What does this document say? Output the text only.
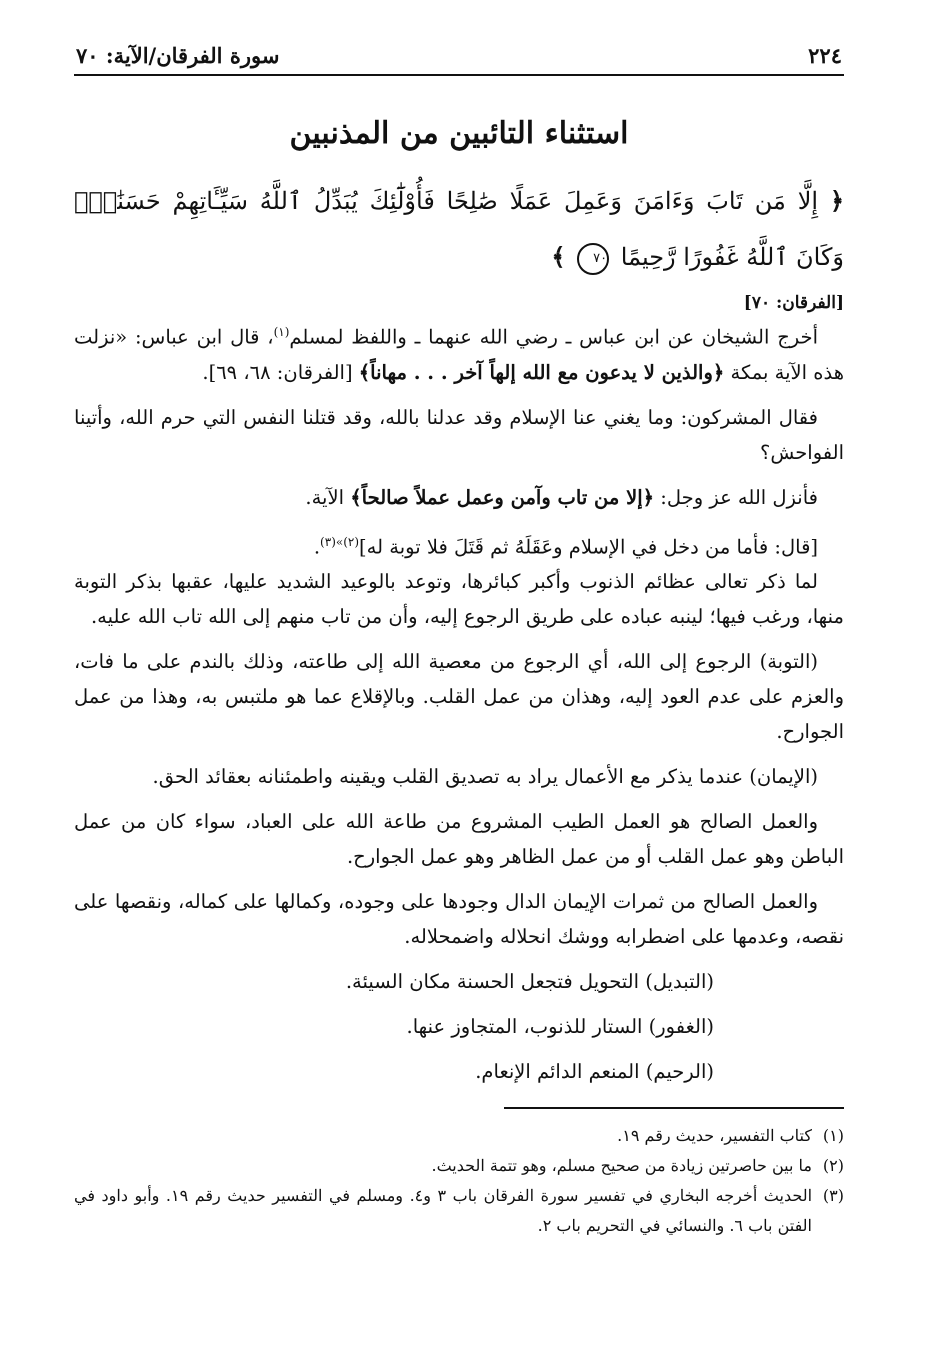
٢٢٤
سورة الفرقان/الآية: ٧٠
استثناء التائبين من المذنبين
﴿ إِلَّا مَن تَابَ وَءَامَنَ وَعَمِلَ عَمَلًا صَٰلِحًا فَأُوْلَٰٓئِكَ يُبَدِّلُ ٱللَّهُ سَيِّـَٔاتِهِمْ حَسَنَٰتٍۗ وَكَانَ ٱللَّهُ غَفُورًا رَّحِيمًا ٧٠ ﴾
[الفرقان: ٧٠]

أخرج الشيخان عن ابن عباس ـ رضي الله عنهما ـ واللفظ لمسلم$^{(١)}$، قال ابن عباس: «نزلت هذه الآية بمكة ﴿والذين لا يدعون مع الله إلهاً آخر . . . مهاناً﴾ [الفرقان: ٦٨، ٦٩].

فقال المشركون: وما يغني عنا الإسلام وقد عدلنا بالله، وقد قتلنا النفس التي حرم الله، وأتينا الفواحش؟

فأنزل الله عز وجل: ﴿إلا من تاب وآمن وعمل عملاً صالحاً﴾ الآية.

[قال: فأما من دخل في الإسلام وعَقَلَهُ ثم قَتَلَ فلا توبة له]$^{(٢)»(٣)}$.

لما ذكر تعالى عظائم الذنوب وأكبر كبائرها، وتوعد بالوعيد الشديد عليها، عقبها بذكر التوبة منها، ورغب فيها؛ لينبه عباده على طريق الرجوع إليه، وأن من تاب منهم إلى الله تاب الله عليه.

(التوبة) الرجوع إلى الله، أي الرجوع من معصية الله إلى طاعته، وذلك بالندم على ما فات، والعزم على عدم العود إليه، وهذان من عمل القلب. وبالإقلاع عما هو ملتبس به، وهذا من عمل الجوارح.

(الإيمان) عندما يذكر مع الأعمال يراد به تصديق القلب ويقينه واطمئنانه بعقائد الحق.

والعمل الصالح هو العمل الطيب المشروع من طاعة الله على العباد، سواء كان من عمل الباطن وهو عمل القلب أو من عمل الظاهر وهو عمل الجوارح.

والعمل الصالح من ثمرات الإيمان الدال وجودها على وجوده، وكمالها على كماله، ونقصها على نقصه، وعدمها على اضطرابه ووشك انحلاله واضمحلاله.

(التبديل) التحويل فتجعل الحسنة مكان السيئة.

(الغفور) الستار للذنوب، المتجاوز عنها.

(الرحيم) المنعم الدائم الإنعام.

(١)
كتاب التفسير، حديث رقم ١٩.
(٢)
ما بين حاصرتين زيادة من صحيح مسلم، وهو تتمة الحديث.
(٣)
الحديث أخرجه البخاري في تفسير سورة الفرقان باب ٣ و٤. ومسلم في التفسير حديث رقم ١٩. وأبو داود في الفتن باب ٦. والنسائي في التحريم باب ٢.
